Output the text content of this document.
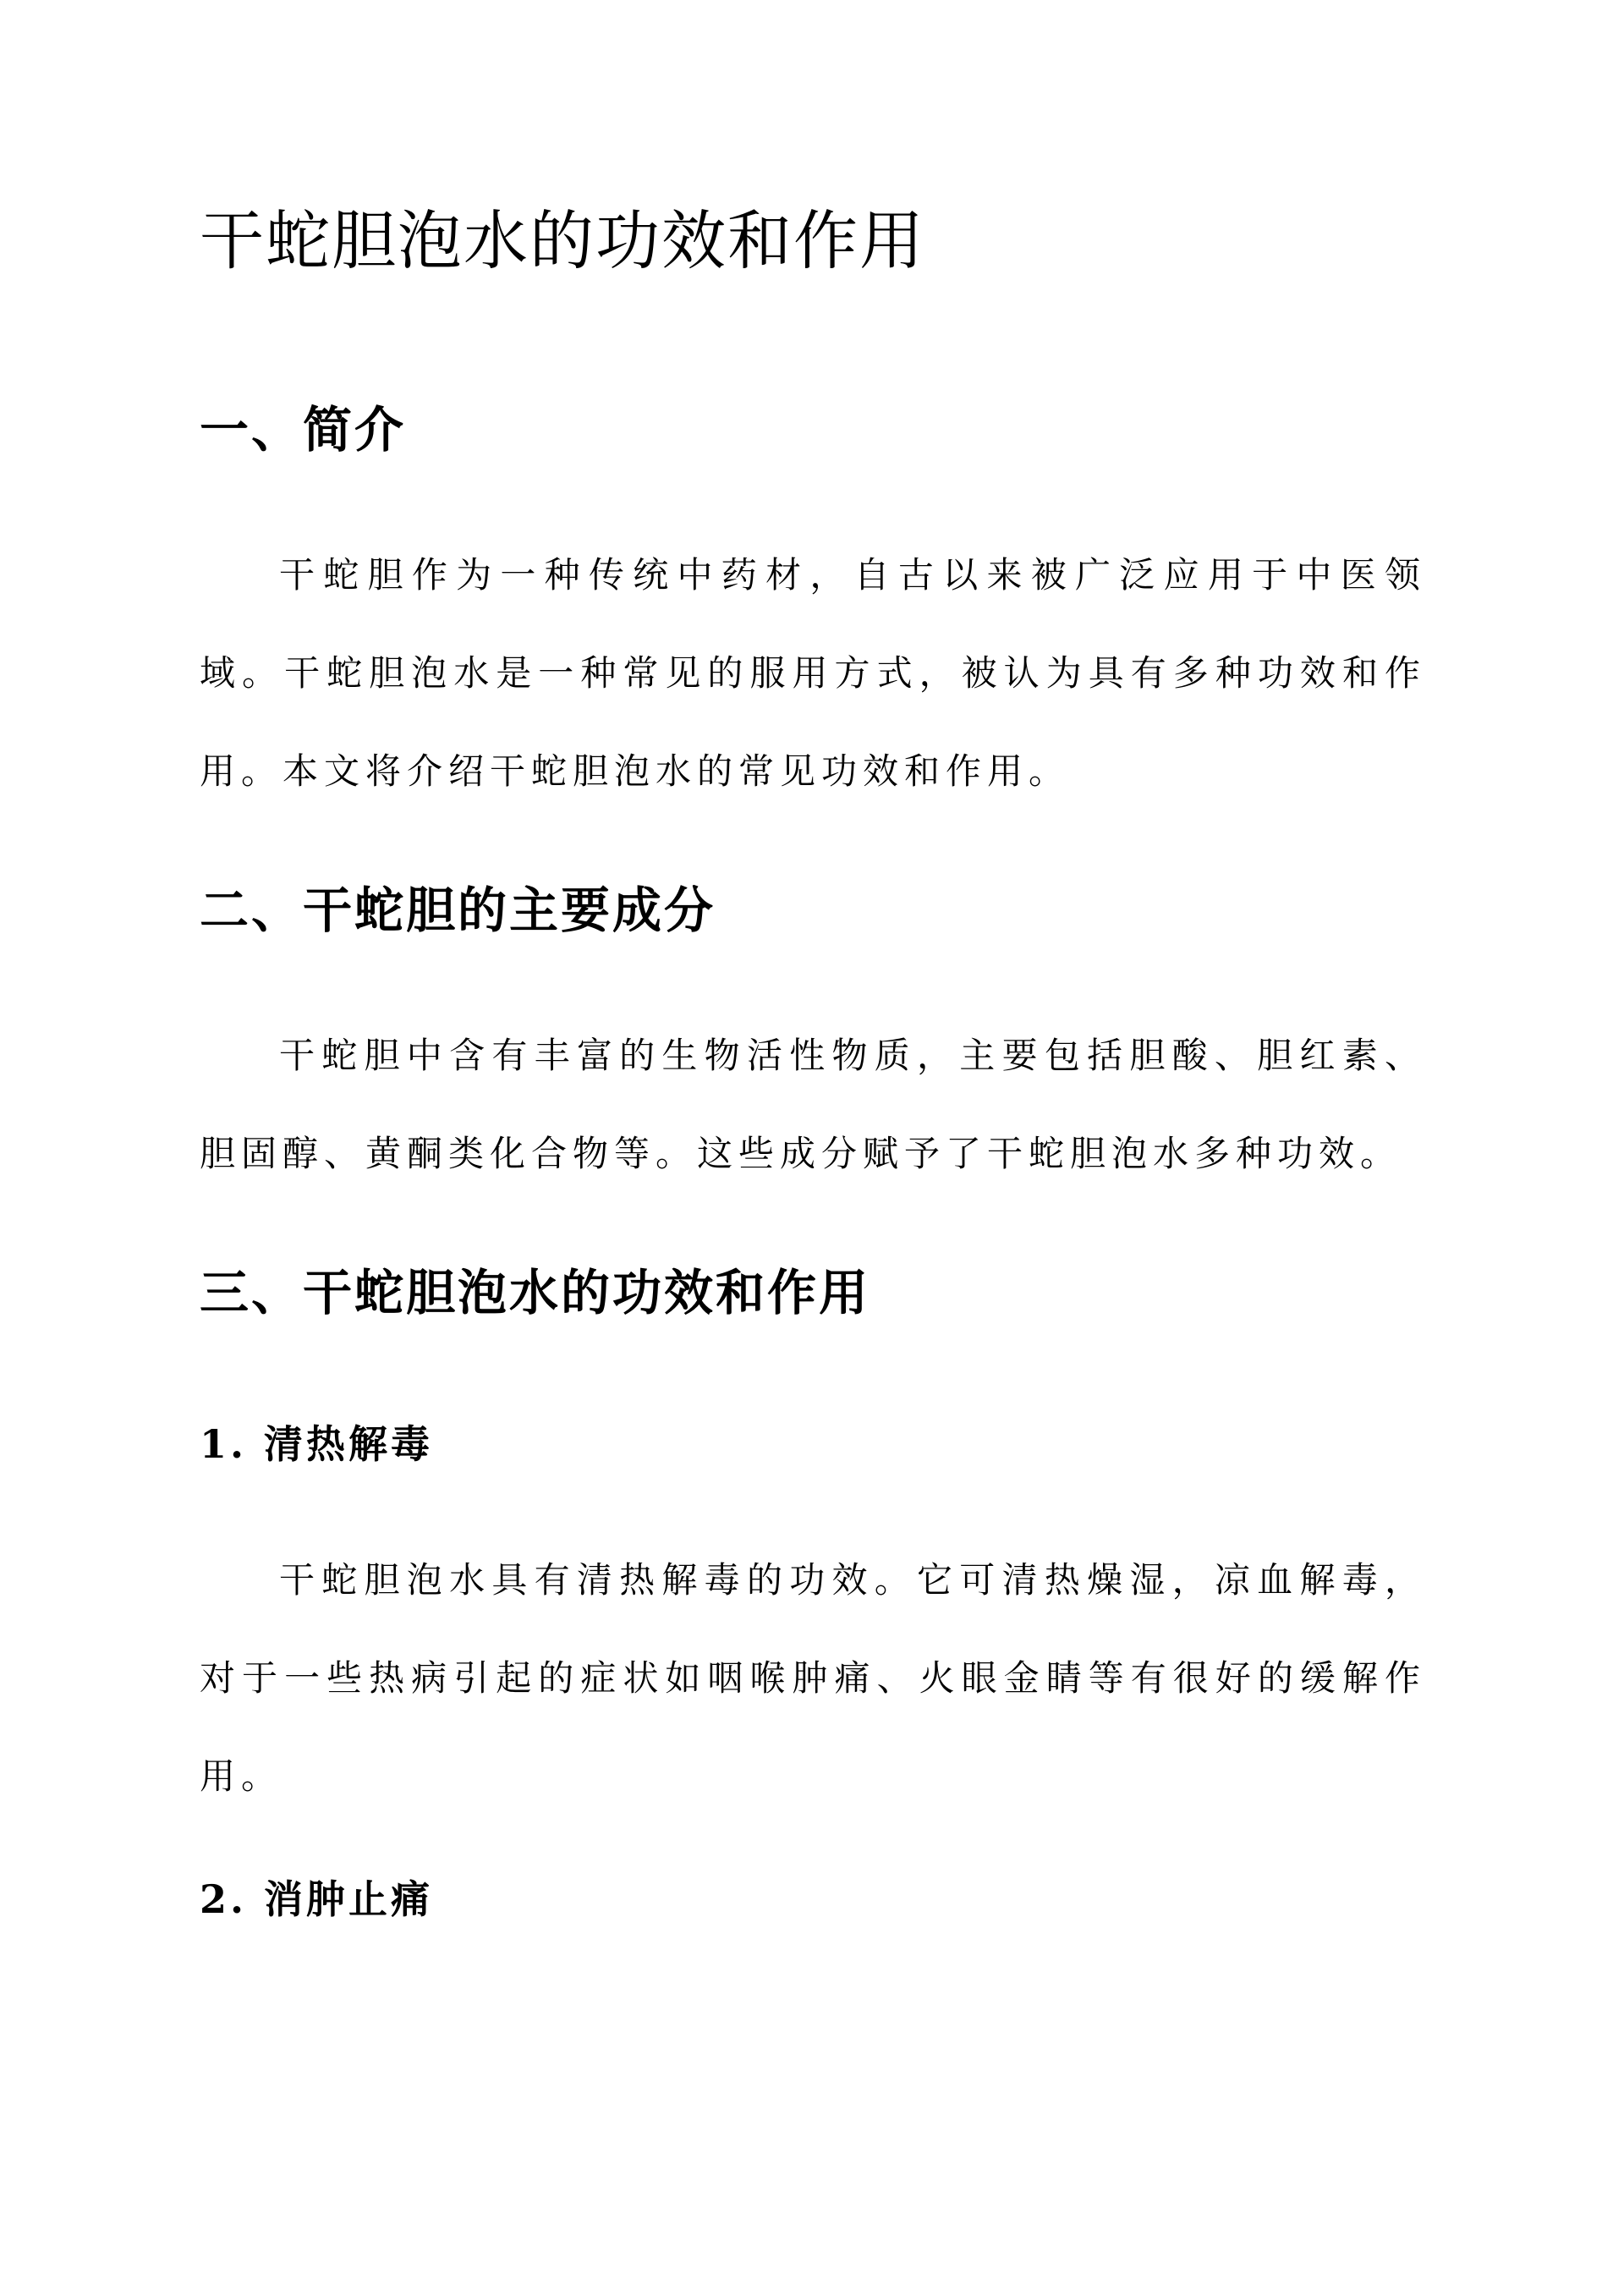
干蛇胆泡水的功效和作用
一、简介

干蛇胆作为一种传统中药材，自古以来被广泛应用于中医领域。干蛇胆泡水是一种常见的服用方式，被认为具有多种功效和作用。本文将介绍干蛇胆泡水的常见功效和作用。

二、干蛇胆的主要成分

干蛇胆中含有丰富的生物活性物质，主要包括胆酸、胆红素、胆固醇、黄酮类化合物等。这些成分赋予了干蛇胆泡水多种功效。

三、干蛇胆泡水的功效和作用
1. 清热解毒

干蛇胆泡水具有清热解毒的功效。它可清热燥湿，凉血解毒，对于一些热病引起的症状如咽喉肿痛、火眼金睛等有很好的缓解作用。

2. 消肿止痛
